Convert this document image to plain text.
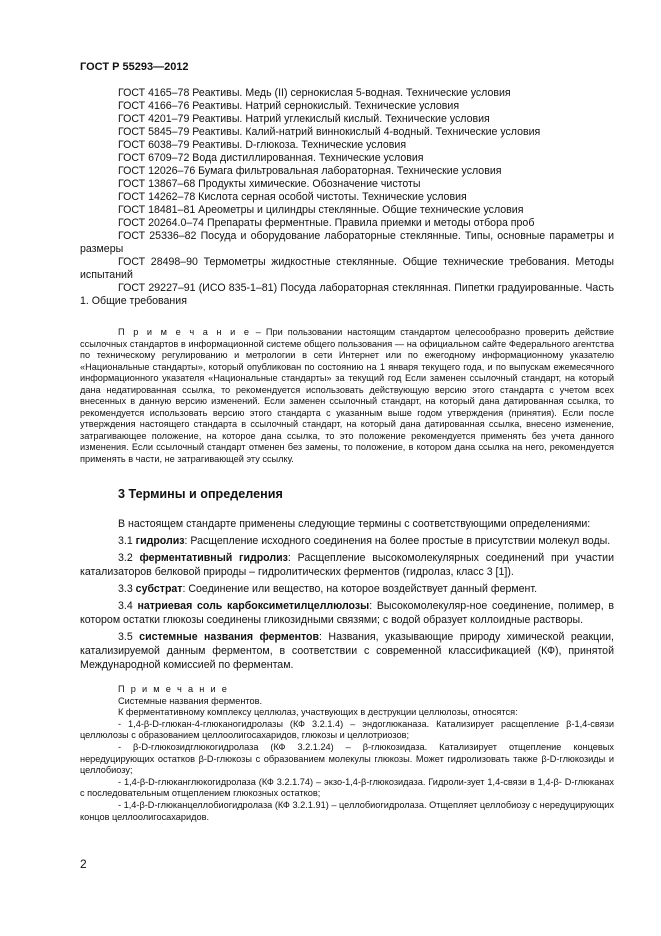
ГОСТ Р 55293—2012

ГОСТ 4165–78 Реактивы. Медь (II) сернокислая 5-водная. Технические условия

ГОСТ 4166–76 Реактивы. Натрий сернокислый. Технические условия

ГОСТ 4201–79 Реактивы. Натрий углекислый кислый. Технические условия

ГОСТ 5845–79 Реактивы. Калий-натрий виннокислый 4-водный. Технические условия

ГОСТ 6038–79 Реактивы. D-глюкоза. Технические условия

ГОСТ 6709–72 Вода дистиллированная. Технические условия

ГОСТ 12026–76 Бумага фильтровальная лабораторная. Технические условия

ГОСТ 13867–68 Продукты химические. Обозначение чистоты

ГОСТ 14262–78 Кислота серная особой чистоты. Технические условия

ГОСТ 18481–81 Ареометры и цилиндры стеклянные. Общие технические условия

ГОСТ 20264.0–74 Препараты ферментные. Правила приемки и методы отбора проб

ГОСТ 25336–82 Посуда и оборудование лабораторные стеклянные. Типы, основные параметры и размеры

ГОСТ 28498–90 Термометры жидкостные стеклянные. Общие технические требования. Методы испытаний

ГОСТ 29227–91 (ИСО 835-1–81) Посуда лабораторная стеклянная. Пипетки градуированные. Часть 1. Общие требования

П р и м е ч а н и е – При пользовании настоящим стандартом целесообразно проверить действие ссылочных стандартов в информационной системе общего пользования — на официальном сайте Федерального агентства по техническому регулированию и метрологии в сети Интернет или по ежегодному информационному указателю «Национальные стандарты», который опубликован по состоянию на 1 января текущего года, и по выпускам ежемесячного информационного указателя «Национальные стандарты» за текущий год Если заменен ссылочный стандарт, на который дана недатированная ссылка, то рекомендуется использовать действующую версию этого стандарта с учетом всех внесенных в данную версию изменений. Если заменен ссылочный стандарт, на который дана датированная ссылка, то рекомендуется использовать версию этого стандарта с указанным выше годом утверждения (принятия). Если после утверждения настоящего стандарта в ссылочный стандарт, на который дана датированная ссылка, внесено изменение, затрагивающее положение, на которое дана ссылка, то это положение рекомендуется применять без учета данного изменения. Если ссылочный стандарт отменен без замены, то положение, в котором дана ссылка на него, рекомендуется применять в части, не затрагивающей эту ссылку.

3 Термины и определения

В настоящем стандарте применены следующие термины с соответствующими определениями:

3.1 гидролиз: Расщепление исходного соединения на более простые в присутствии молекул воды.

3.2 ферментативный гидролиз: Расщепление высокомолекулярных соединений при участии катализаторов белковой природы – гидролитических ферментов (гидролаз, класс 3 [1]).

3.3 субстрат: Соединение или вещество, на которое воздействует данный фермент.

3.4 натриевая соль карбоксиметилцеллюлозы: Высокомолекуляр-ное соединение, полимер, в котором остатки глюкозы соединены гликозидными связями; с водой образует коллоидные растворы.

3.5 системные названия ферментов: Названия, указывающие природу химической реакции, катализируемой данным ферментом, в соответствии с современной классификацией (КФ), принятой Международной комиссией по ферментам.

П р и м е ч а н и е

Системные названия ферментов.

К ферментативному комплексу целлюлаз, участвующих в деструкции целлюлозы, относятся:

- 1,4-β-D-глюкан-4-глюканогидролазы (КФ 3.2.1.4) – эндоглюканаза. Катализирует расщепление β-1,4-связи целлюлозы с образованием целлоолигосахаридов, глюкозы и целлотриозов;

- β-D-глюкозидглюкогидролаза (КФ 3.2.1.24) – β-глюкозидаза. Катализирует отщепление концевых нередуцирующих остатков β-D-глюкозы с образованием молекулы глюкозы. Может гидролизовать также β-D-глюкозиды и целлобиозу;

- 1,4-β-D-глюканглюкогидролаза (КФ 3.2.1.74) – экзо-1,4-β-глюкозидаза. Гидроли-зует 1,4-связи в 1,4-β- D-глюканах с последовательным отщеплением глюкозных остатков;

- 1,4-β-D-глюканцеллобиогидролаза (КФ 3.2.1.91) – целлобиогидролаза. Отщепляет целлобиозу с нередуцирующих концов целлоолигосахаридов.

2
